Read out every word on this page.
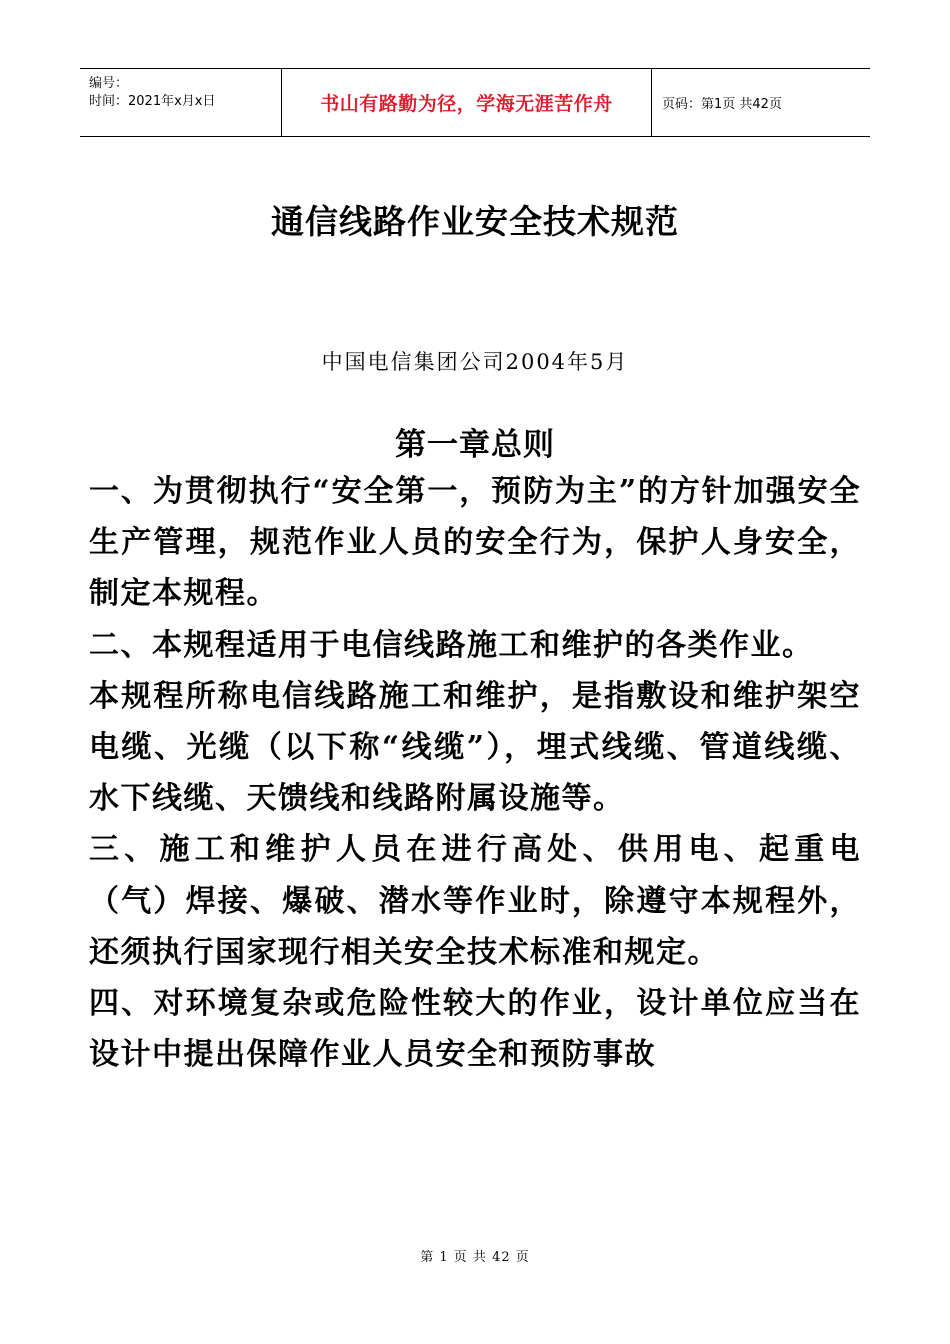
编号：
时间：2021年x月x日	书山有路勤为径，学海无涯苦作舟	页码：第1页 共42页
通信线路作业安全技术规范
中国电信集团公司2004年5月
第一章总则

一、为贯彻执行“安全第一，预防为主”的方针加强安全生产管理，规范作业人员的安全行为，保护人身安全，制定本规程。

二、本规程适用于电信线路施工和维护的各类作业。

本规程所称电信线路施工和维护，是指敷设和维护架空电缆、光缆（以下称“线缆”），埋式线缆、管道线缆、水下线缆、天馈线和线路附属设施等。

三、施工和维护人员在进行高处、供用电、起重电（气）焊接、爆破、潜水等作业时，除遵守本规程外，还须执行国家现行相关安全技术标准和规定。

四、对环境复杂或危险性较大的作业，设计单位应当在设计中提出保障作业人员安全和预防事故

第 1 页 共 42 页
